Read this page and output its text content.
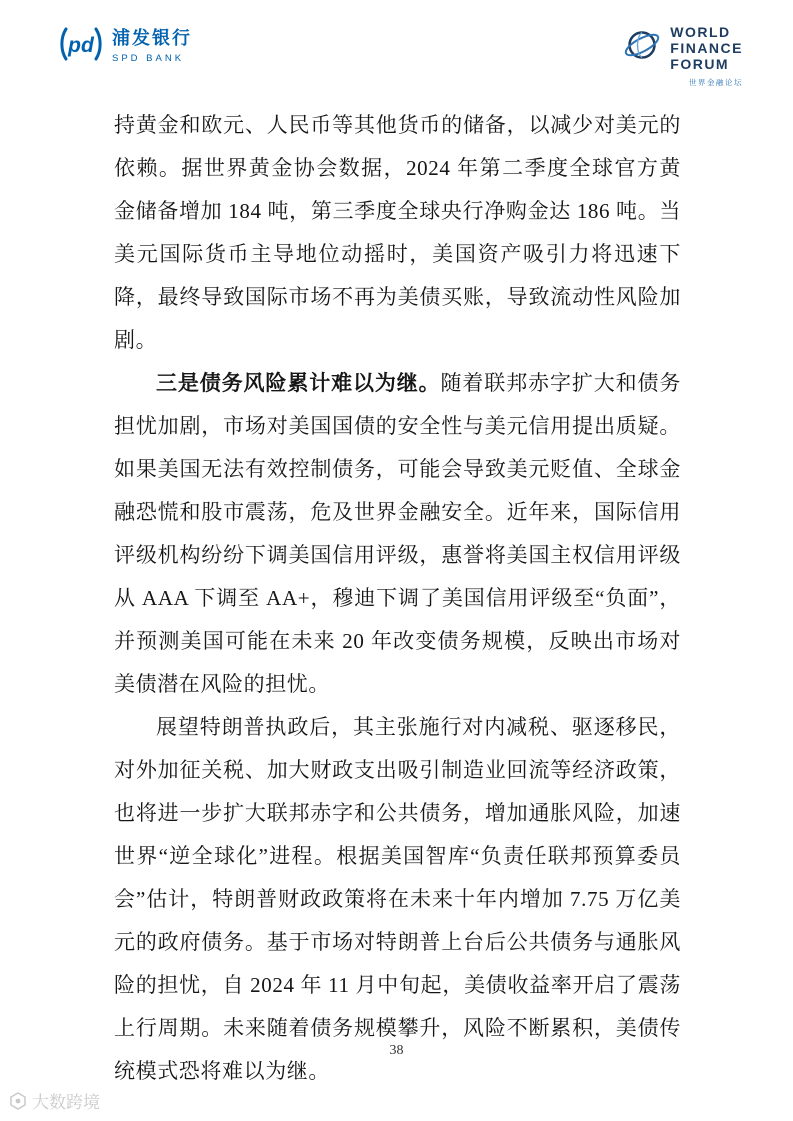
pd 浦发银行
SPD BANK
WORLD
FINANCE
FORUM
世界金融论坛

持黄金和欧元、人民币等其他货币的储备，以减少对美元的依赖。据世界黄金协会数据，2024 年第二季度全球官方黄金储备增加 184 吨，第三季度全球央行净购金达 186 吨。当美元国际货币主导地位动摇时，美国资产吸引力将迅速下降，最终导致国际市场不再为美债买账，导致流动性风险加剧。

三是债务风险累计难以为继。随着联邦赤字扩大和债务担忧加剧，市场对美国国债的安全性与美元信用提出质疑。如果美国无法有效控制债务，可能会导致美元贬值、全球金融恐慌和股市震荡，危及世界金融安全。近年来，国际信用评级机构纷纷下调美国信用评级，惠誉将美国主权信用评级从 AAA 下调至 AA+，穆迪下调了美国信用评级至“负面”，并预测美国可能在未来 20 年改变债务规模，反映出市场对美债潜在风险的担忧。

展望特朗普执政后，其主张施行对内减税、驱逐移民，对外加征关税、加大财政支出吸引制造业回流等经济政策，也将进一步扩大联邦赤字和公共债务，增加通胀风险，加速世界“逆全球化”进程。根据美国智库“负责任联邦预算委员会”估计，特朗普财政政策将在未来十年内增加 7.75 万亿美元的政府债务。基于市场对特朗普上台后公共债务与通胀风险的担忧，自 2024 年 11 月中旬起，美债收益率开启了震荡上行周期。未来随着债务规模攀升，风险不断累积，美债传统模式恐将难以为继。

38
大数跨境
